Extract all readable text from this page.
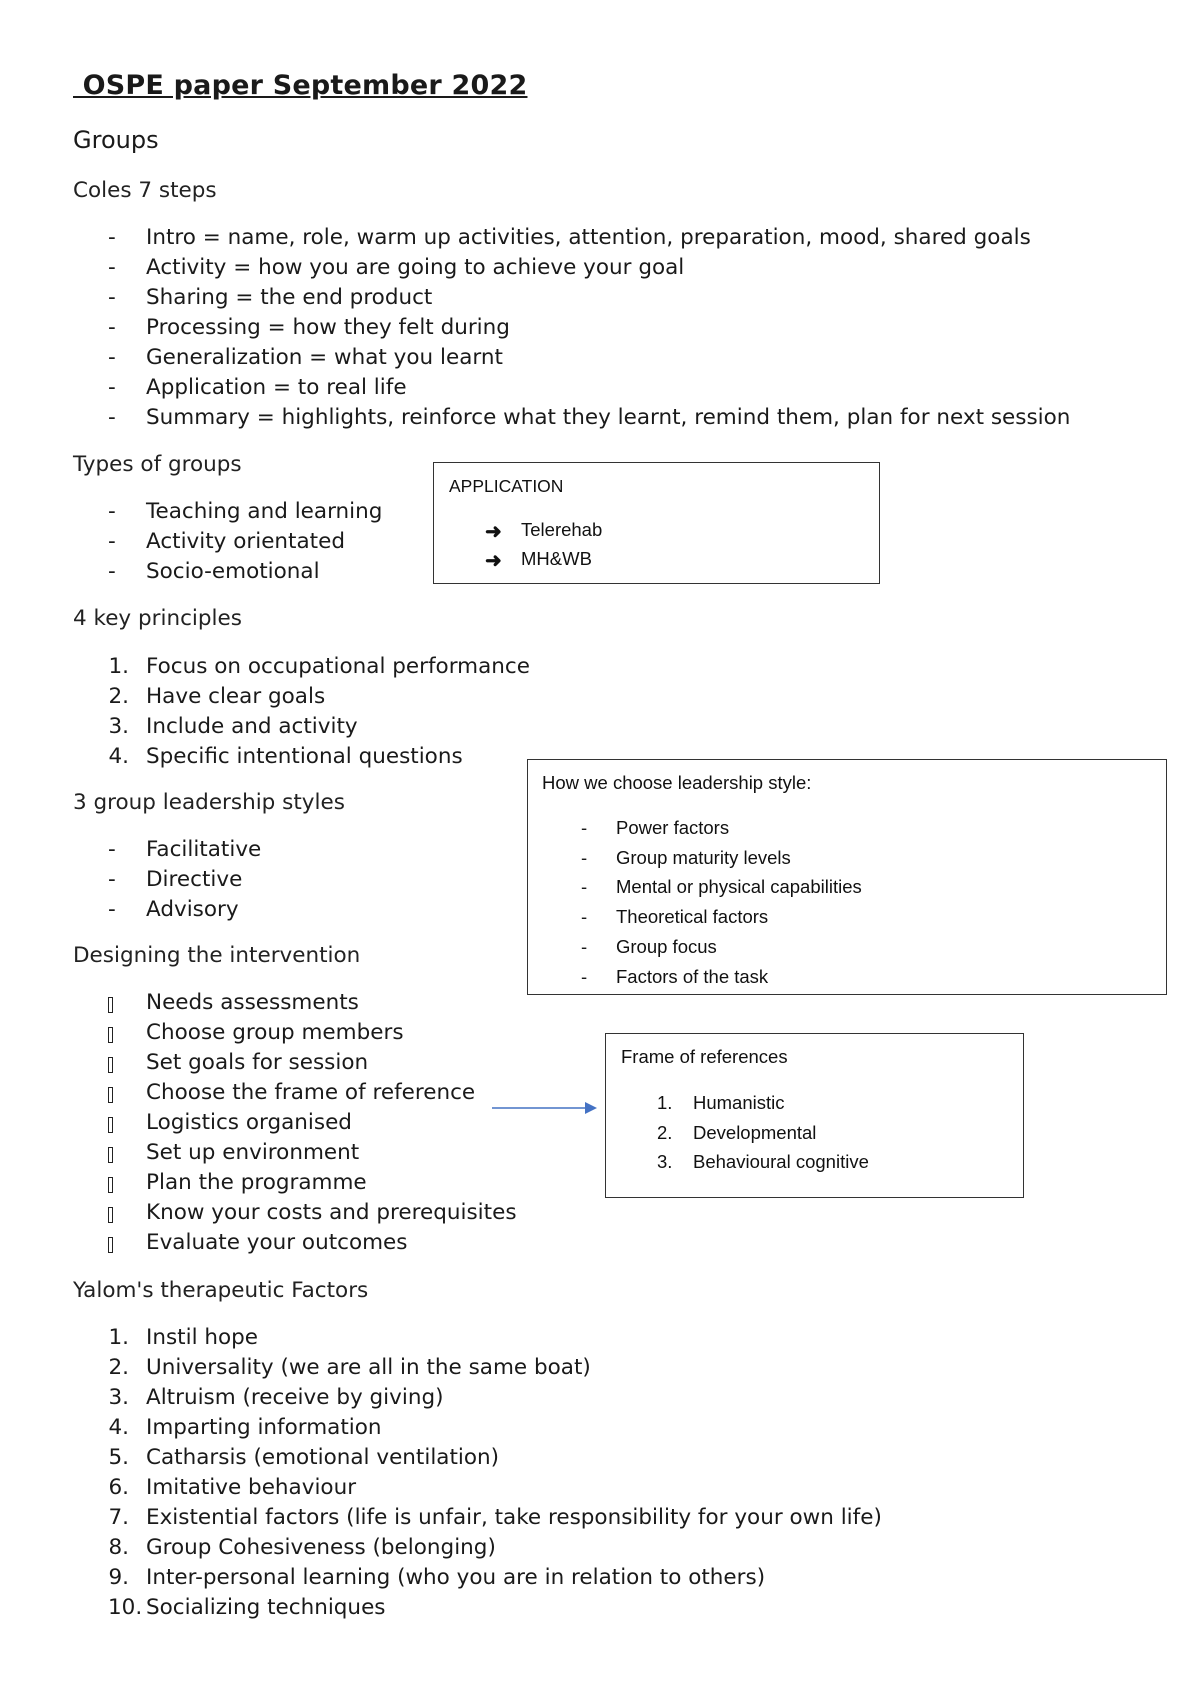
OSPE paper September 2022
Groups
Coles 7 steps
- Intro = name, role, warm up activities, attention, preparation, mood, shared goals
- Activity = how you are going to achieve your goal
- Sharing = the end product
- Processing = how they felt during
- Generalization = what you learnt
- Application = to real life
- Summary = highlights, reinforce what they learnt, remind them, plan for next session
Types of groups
- Teaching and learning
- Activity orientated
- Socio-emotional
APPLICATION
➜ Telerehab
➜ MH&WB
4 key principles
1. Focus on occupational performance
2. Have clear goals
3. Include and activity
4. Specific intentional questions
How we choose leadership style:
- Power factors
- Group maturity levels
- Mental or physical capabilities
- Theoretical factors
- Group focus
- Factors of the task
3 group leadership styles
- Facilitative
- Directive
- Advisory
Designing the intervention
Needs assessments
Choose group members
Set goals for session
Choose the frame of reference
Logistics organised
Set up environment
Plan the programme
Know your costs and prerequisites
Evaluate your outcomes
Frame of references
1. Humanistic
2. Developmental
3. Behavioural cognitive
Yalom's therapeutic Factors
1. Instil hope
2. Universality (we are all in the same boat)
3. Altruism (receive by giving)
4. Imparting information
5. Catharsis (emotional ventilation)
6. Imitative behaviour
7. Existential factors (life is unfair, take responsibility for your own life)
8. Group Cohesiveness (belonging)
9. Inter-personal learning (who you are in relation to others)
10. Socializing techniques
